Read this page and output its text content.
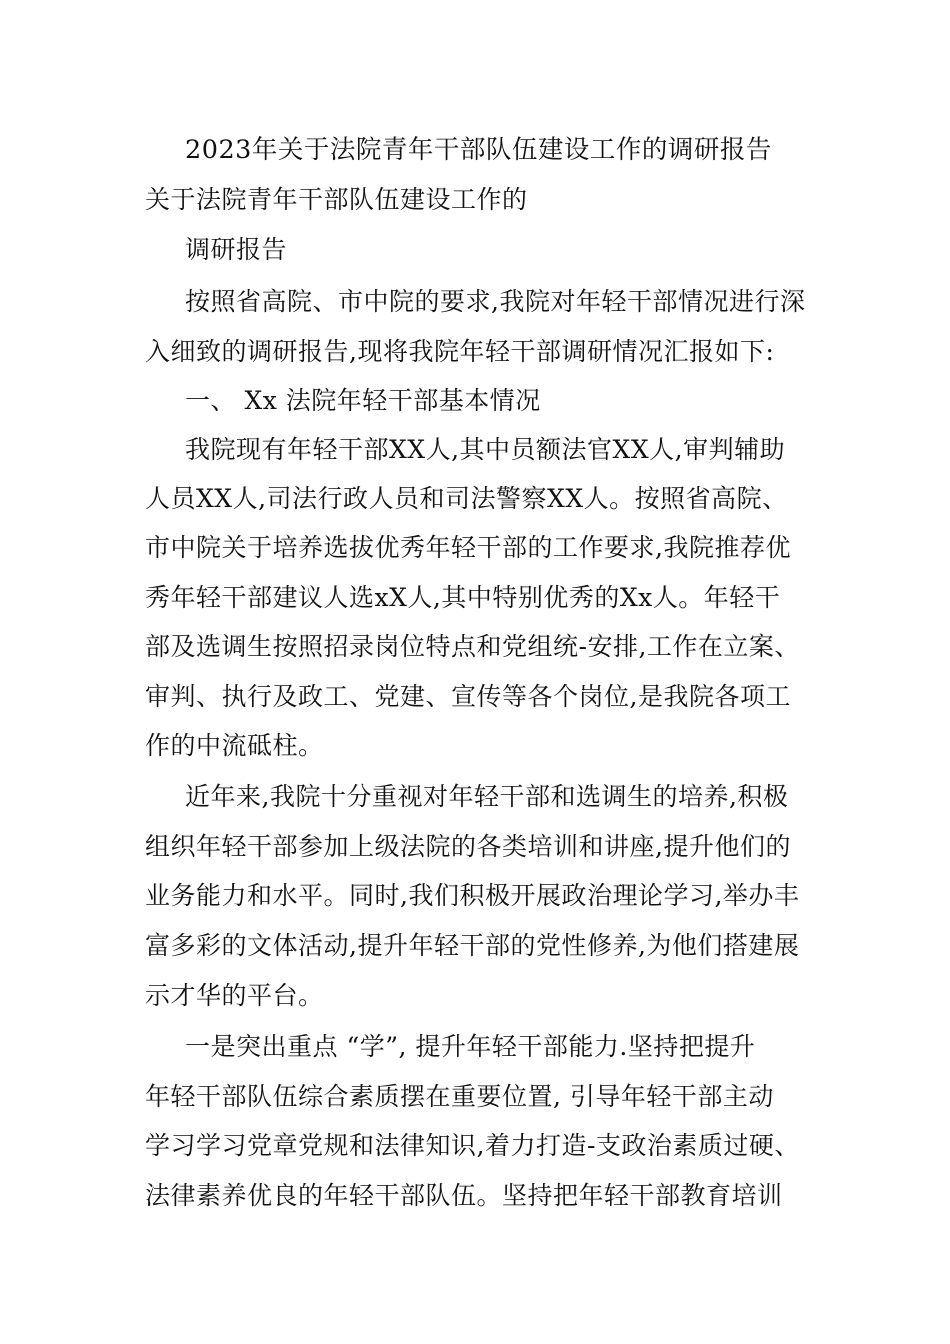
2023年关于法院青年干部队伍建设工作的调研报告

关于法院青年干部队伍建设工作的

调研报告

按照省高院、市中院的要求,我院对年轻干部情况进行深

入细致的调研报告,现将我院年轻干部调研情况汇报如下:

一、 Xx 法院年轻干部基本情况

我院现有年轻干部XX人,其中员额法官XX人,审判辅助

人员XX人,司法行政人员和司法警察XX人。按照省高院、

市中院关于培养选拔优秀年轻干部的工作要求,我院推荐优

秀年轻干部建议人选xX人,其中特别优秀的Xx人。年轻干

部及选调生按照招录岗位特点和党组统-安排,工作在立案、

审判、执行及政工、党建、宣传等各个岗位,是我院各项工

作的中流砥柱。

近年来,我院十分重视对年轻干部和选调生的培养,积极

组织年轻干部参加上级法院的各类培训和讲座,提升他们的

业务能力和水平。同时,我们积极开展政治理论学习,举办丰

富多彩的文体活动,提升年轻干部的党性修养,为他们搭建展

示才华的平台。

一是突出重点 “学”, 提升年轻干部能力.坚持把提升

年轻干部队伍综合素质摆在重要位置, 引导年轻干部主动

学习学习党章党规和法律知识,着力打造-支政治素质过硬、

法律素养优良的年轻干部队伍。坚持把年轻干部教育培训
